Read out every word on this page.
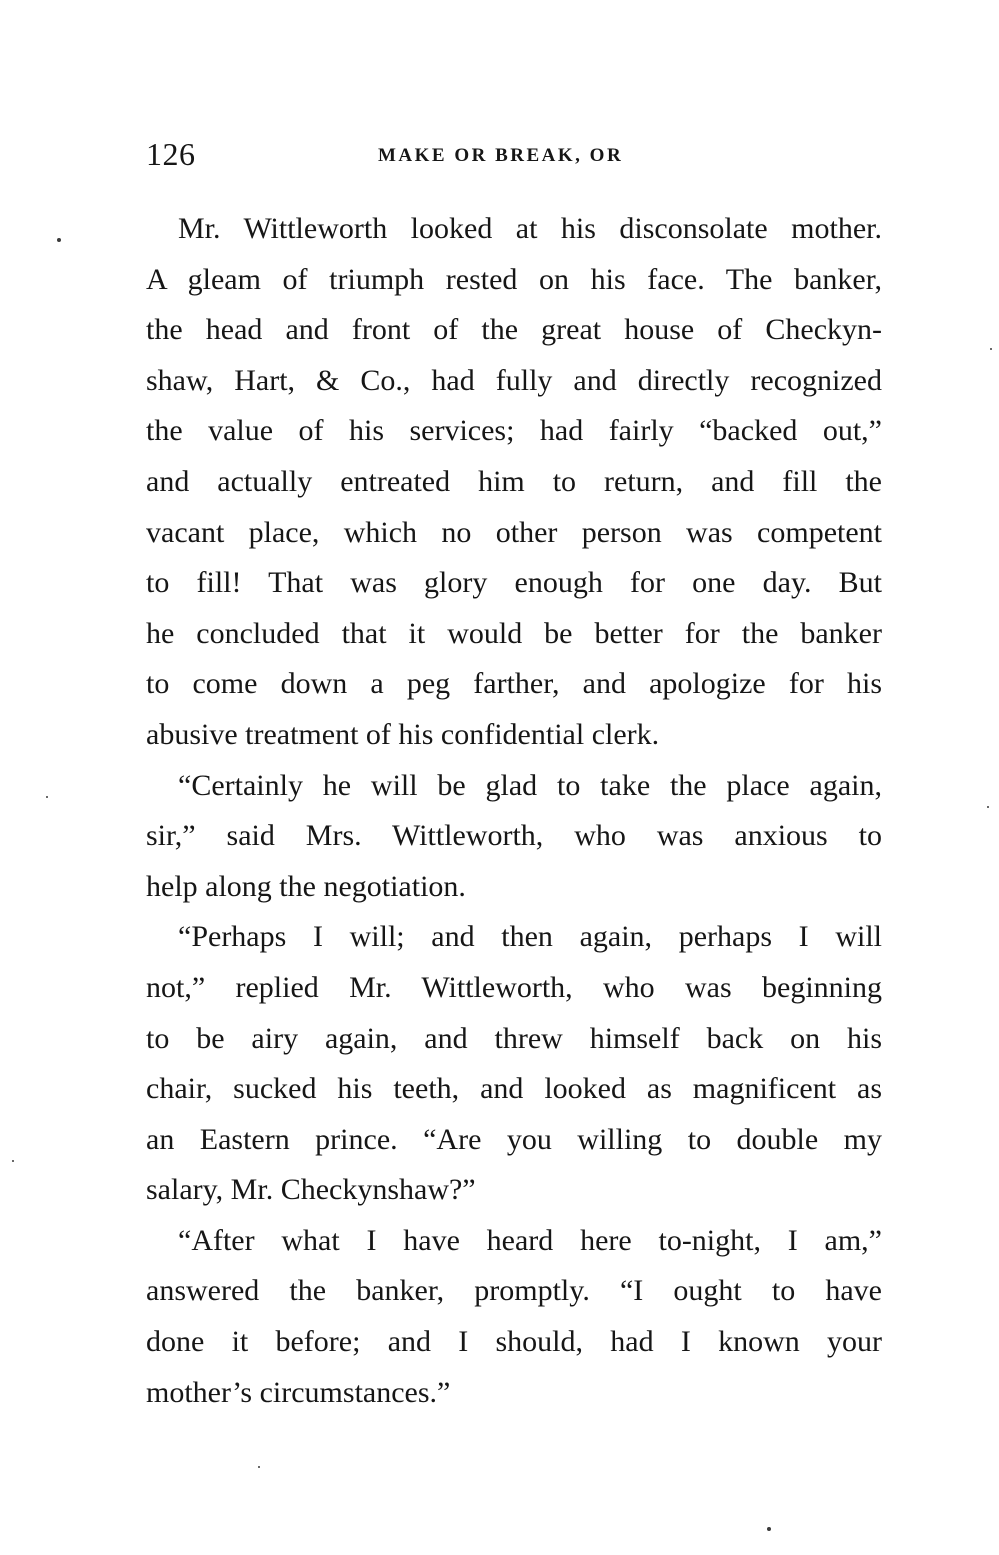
126	MAKE OR BREAK, OR
Mr. Wittleworth looked at his disconsolate mother.
A gleam of triumph rested on his face. The banker,
the head and front of the great house of Checkyn-
shaw, Hart, & Co., had fully and directly recognized
the value of his services; had fairly “backed out,”
and actually entreated him to return, and fill the
vacant place, which no other person was competent
to fill! That was glory enough for one day. But
he concluded that it would be better for the banker
to come down a peg farther, and apologize for his
abusive treatment of his confidential clerk.
“Certainly he will be glad to take the place again,
sir,” said Mrs. Wittleworth, who was anxious to
help along the negotiation.
“Perhaps I will; and then again, perhaps I will
not,” replied Mr. Wittleworth, who was beginning
to be airy again, and threw himself back on his
chair, sucked his teeth, and looked as magnificent as
an Eastern prince. “Are you willing to double my
salary, Mr. Checkynshaw?”
“After what I have heard here to-night, I am,”
answered the banker, promptly. “I ought to have
done it before; and I should, had I known your
mother’s circumstances.”
